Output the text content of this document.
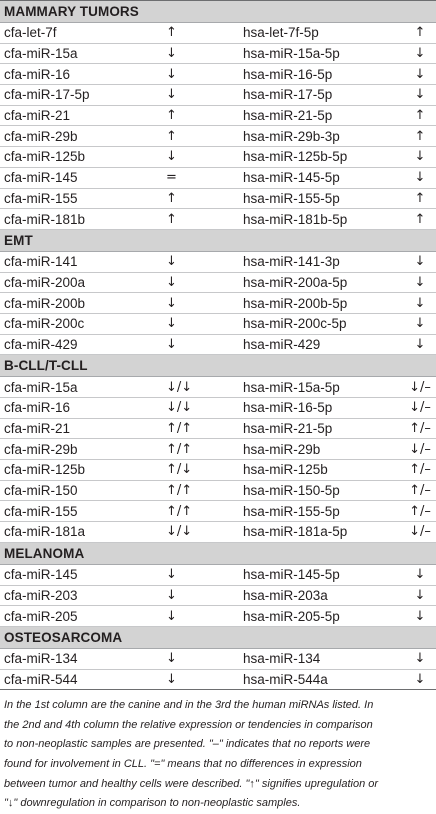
MAMMARY TUMORS			
cfa-let-7f	↑	hsa-let-7f-5p	↑
cfa-miR-15a	↓	hsa-miR-15a-5p	↓
cfa-miR-16	↓	hsa-miR-16-5p	↓
cfa-miR-17-5p	↓	hsa-miR-17-5p	↓
cfa-miR-21	↑	hsa-miR-21-5p	↑
cfa-miR-29b	↑	hsa-miR-29b-3p	↑
cfa-miR-125b	↓	hsa-miR-125b-5p	↓
cfa-miR-145	=	hsa-miR-145-5p	↓
cfa-miR-155	↑	hsa-miR-155-5p	↑
cfa-miR-181b	↑	hsa-miR-181b-5p	↑
EMT			
cfa-miR-141	↓	hsa-miR-141-3p	↓
cfa-miR-200a	↓	hsa-miR-200a-5p	↓
cfa-miR-200b	↓	hsa-miR-200b-5p	↓
cfa-miR-200c	↓	hsa-miR-200c-5p	↓
cfa-miR-429	↓	hsa-miR-429	↓
B-CLL/T-CLL			
cfa-miR-15a	↓/↓	hsa-miR-15a-5p	↓/–
cfa-miR-16	↓/↓	hsa-miR-16-5p	↓/–
cfa-miR-21	↑/↑	hsa-miR-21-5p	↑/–
cfa-miR-29b	↑/↑	hsa-miR-29b	↓/–
cfa-miR-125b	↑/↓	hsa-miR-125b	↑/–
cfa-miR-150	↑/↑	hsa-miR-150-5p	↑/–
cfa-miR-155	↑/↑	hsa-miR-155-5p	↑/–
cfa-miR-181a	↓/↓	hsa-miR-181a-5p	↓/–
MELANOMA			
cfa-miR-145	↓	hsa-miR-145-5p	↓
cfa-miR-203	↓	hsa-miR-203a	↓
cfa-miR-205	↓	hsa-miR-205-5p	↓
OSTEOSARCOMA			
cfa-miR-134	↓	hsa-miR-134	↓
cfa-miR-544	↓	hsa-miR-544a	↓
In the 1st column are the canine and in the 3rd the human miRNAs listed. In
the 2nd and 4th column the relative expression or tendencies in comparison
to non-neoplastic samples are presented. "–" indicates that no reports were
found for involvement in CLL. "=" means that no differences in expression
between tumor and healthy cells were described. "↑" signifies upregulation or
"↓" downregulation in comparison to non-neoplastic samples.
